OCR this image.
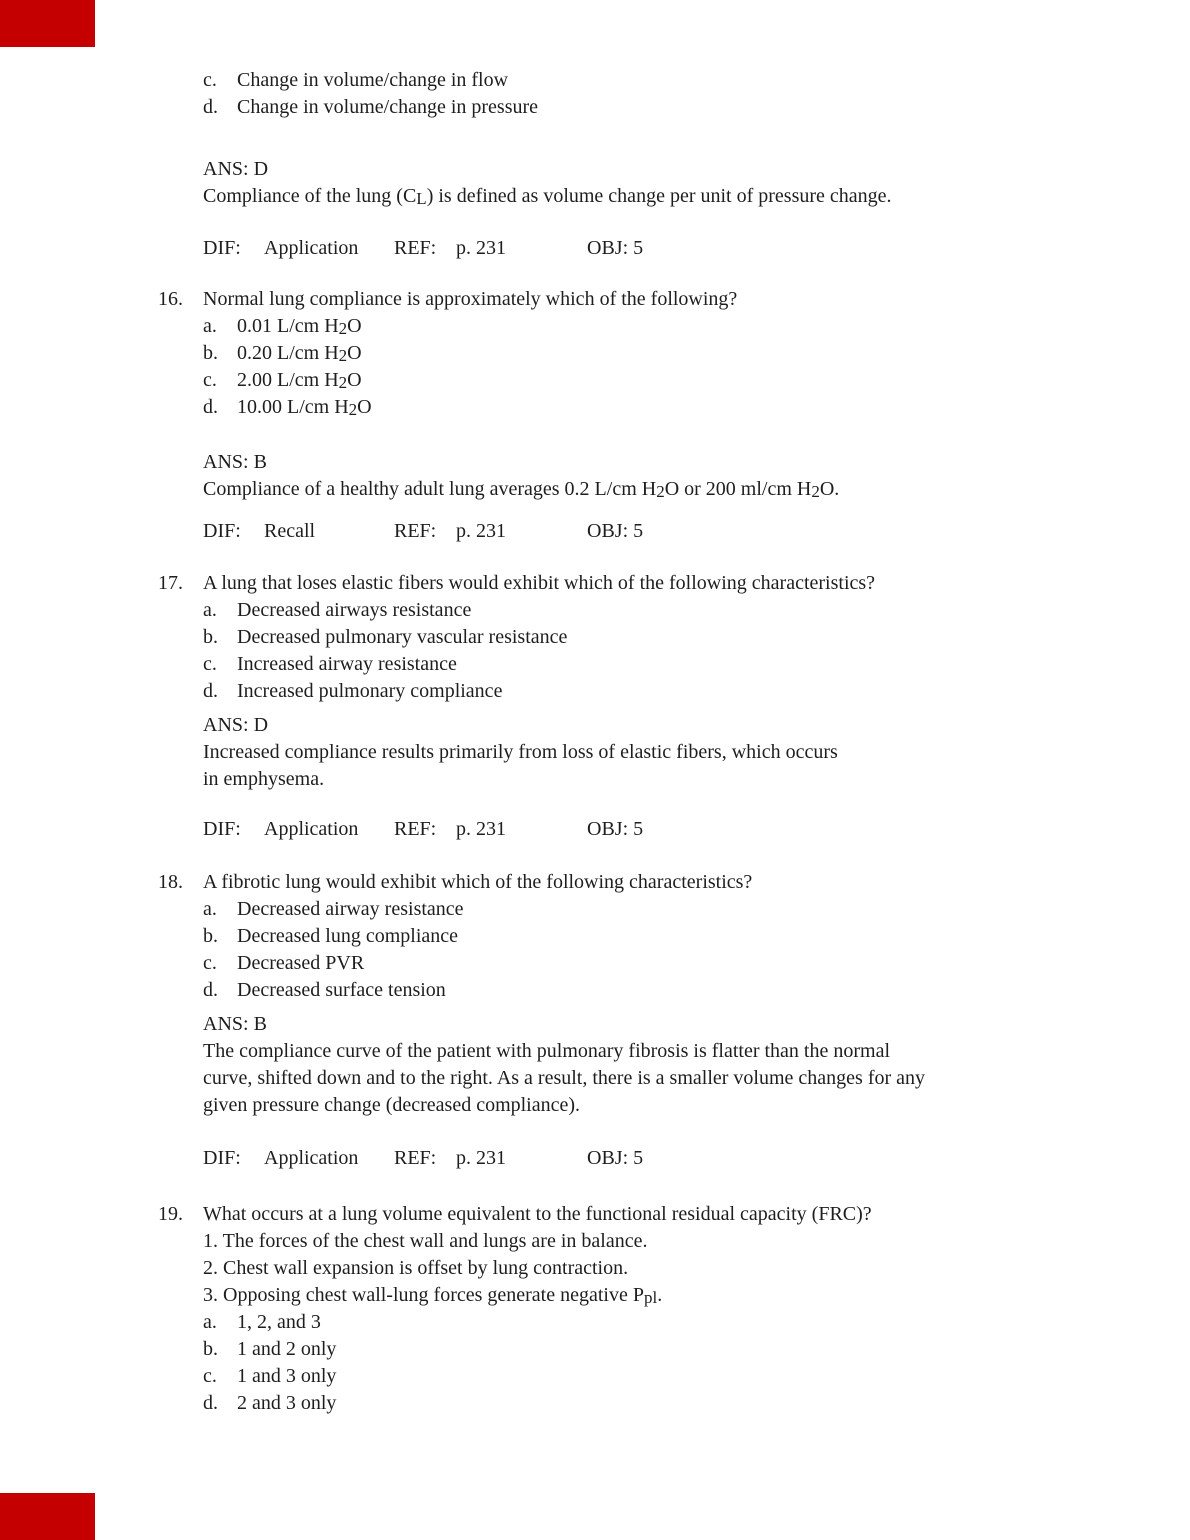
c. Change in volume/change in flow
d. Change in volume/change in pressure
ANS: D
Compliance of the lung (CL) is defined as volume change per unit of pressure change.
DIF: Application REF: p. 231	OBJ: 5
16. Normal lung compliance is approximately which of the following?
a. 0.01 L/cm H2O
b. 0.20 L/cm H2O
c. 2.00 L/cm H2O
d. 10.00 L/cm H2O
ANS: B
Compliance of a healthy adult lung averages 0.2 L/cm H2O or 200 ml/cm H2O.
DIF: Recall	REF: p. 231	OBJ: 5
17. A lung that loses elastic fibers would exhibit which of the following characteristics?
a. Decreased airways resistance
b. Decreased pulmonary vascular resistance
c. Increased airway resistance
d. Increased pulmonary compliance
ANS: D
Increased compliance results primarily from loss of elastic fibers, which occurs
in emphysema.
DIF: Application REF: p. 231	OBJ: 5
18. A fibrotic lung would exhibit which of the following characteristics?
a. Decreased airway resistance
b. Decreased lung compliance
c. Decreased PVR
d. Decreased surface tension
ANS: B
The compliance curve of the patient with pulmonary fibrosis is flatter than the normal
curve, shifted down and to the right. As a result, there is a smaller volume changes for any
given pressure change (decreased compliance).
DIF: Application REF: p. 231	OBJ: 5
19. What occurs at a lung volume equivalent to the functional residual capacity (FRC)?
1. The forces of the chest wall and lungs are in balance.
2. Chest wall expansion is offset by lung contraction.
3. Opposing chest wall-lung forces generate negative Ppl.
a. 1, 2, and 3
b. 1 and 2 only
c. 1 and 3 only
d. 2 and 3 only
